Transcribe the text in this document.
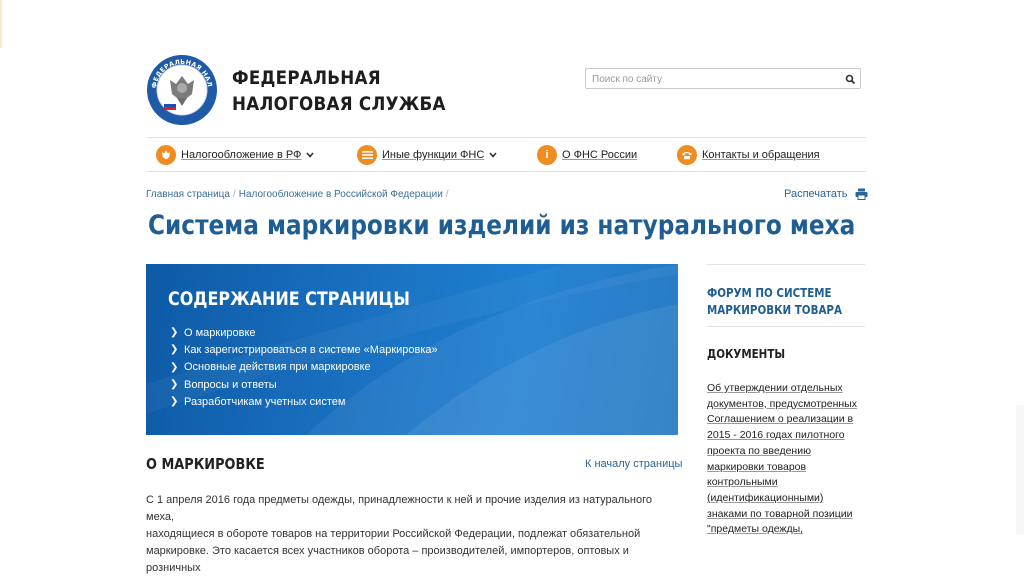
ФЕДЕРАЛЬНАЯ НАЛ ФЕДЕРАЛЬНАЯ
НАЛОГОВАЯ СЛУЖБА
Поиск по сайту
Налогообложение в РФ	Иные функции ФНС	i	О ФНС России	Контакты и обращения
Главная страница / Налогообложение в Российской Федерации /	Распечатать
Система маркировки изделий из натурального меха
СОДЕРЖАНИЕ СТРАНИЦЫ
❯ О маркировке
❯ Как зарегистрироваться в системе «Маркировка»
❯ Основные действия при маркировке
❯ Вопросы и ответы
❯ Разработчикам учетных систем
О МАРКИРОВКЕ	К началу страницы

С 1 апреля 2016 года предметы одежды, принадлежности к ней и прочие изделия из натурального меха,
находящиеся в обороте товаров на территории Российской Федерации, подлежат обязательной
маркировке. Это касается всех участников оборота – производителей, импортеров, оптовых и розничных

ФОРУМ ПО СИСТЕМЕ
МАРКИРОВКИ ТОВАРА
ДОКУМЕНТЫ
Об утверждении отдельных
документов, предусмотренных
Соглашением о реализации в
2015 - 2016 годах пилотного
проекта по введению
маркировки товаров
контрольными
(идентификационными)
знаками по товарной позиции
"предметы одежды,
